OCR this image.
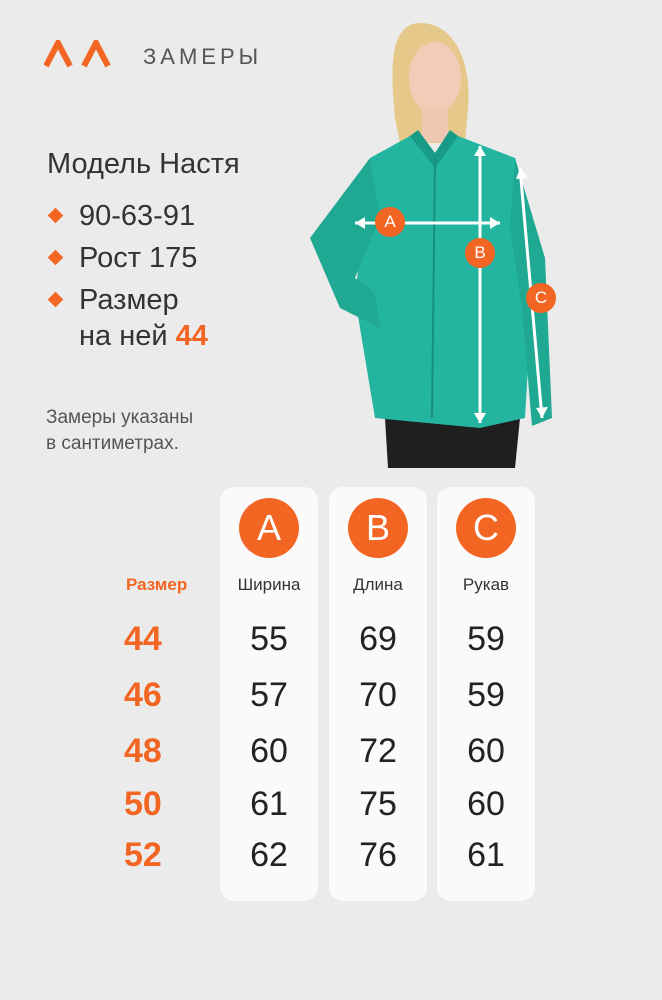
ЗАМЕРЫ
Модель Настя
90-63-91
Рост 175
Размер
на ней 44
Замеры указаны
в сантиметрах.
A
B
C
Размер
44
46
48
50
52
A
Ширина
B
Длина
C
Рукав
55
57
60
61
62
69
70
72
75
76
59
59
60
60
61
